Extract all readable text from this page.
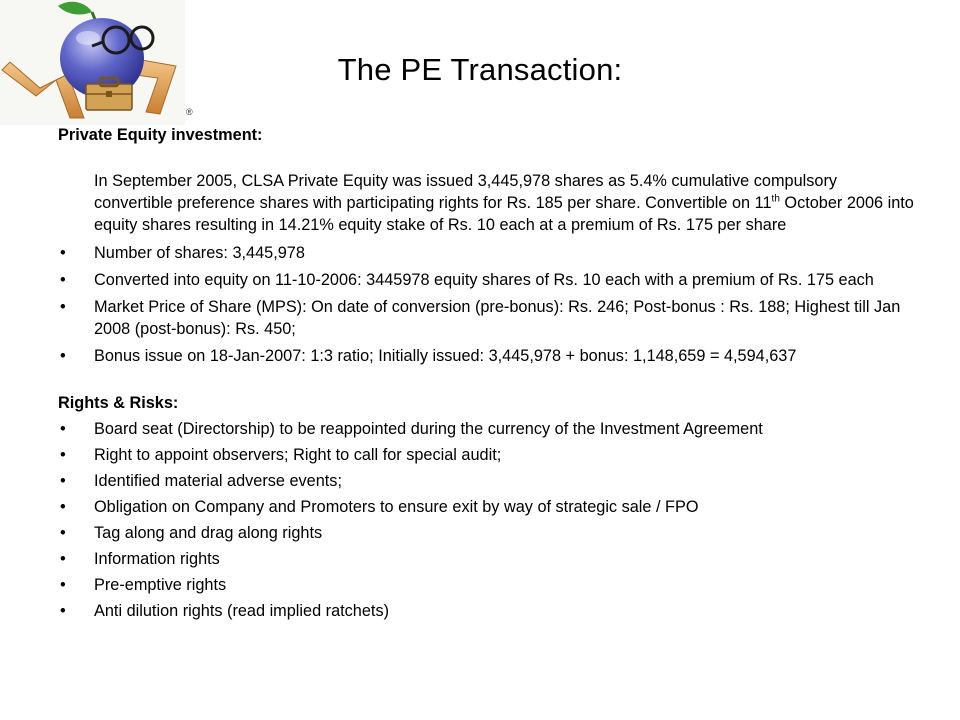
®
The PE Transaction:
Private Equity investment:
In September 2005, CLSA Private Equity was issued 3,445,978 shares as 5.4% cumulative compulsory convertible preference shares with participating rights for Rs. 185 per share. Convertible on 11th October 2006 into equity shares resulting in 14.21% equity stake of Rs. 10 each at a premium of Rs. 175 per share
• Number of shares: 3,445,978
• Converted into equity on 11-10-2006: 3445978 equity shares of Rs. 10 each with a premium of Rs. 175 each
• Market Price of Share (MPS): On date of conversion (pre-bonus): Rs. 246; Post-bonus : Rs. 188; Highest till Jan 2008 (post-bonus): Rs. 450;
• Bonus issue on 18-Jan-2007: 1:3 ratio; Initially issued: 3,445,978 + bonus: 1,148,659 = 4,594,637
Rights & Risks:
• Board seat (Directorship) to be reappointed during the currency of the Investment Agreement
• Right to appoint observers; Right to call for special audit;
• Identified material adverse events;
• Obligation on Company and Promoters to ensure exit by way of strategic sale / FPO
• Tag along and drag along rights
• Information rights
• Pre-emptive rights
• Anti dilution rights (read implied ratchets)
